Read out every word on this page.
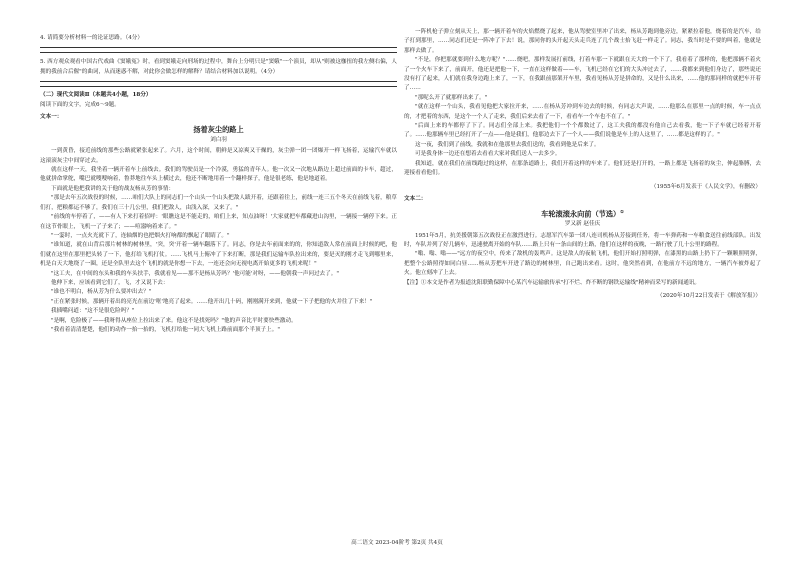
4. 请简要分析材料一的论证思路。（4分）

5. 西方观众观看中国古代戏曲《窦娥冤》时，看到窦娥走向刑场的过程中，舞台上分明只是"窦娥"一个演员，却从"则被这枷扭的我左侧右偏，人拥的我前合后偃"的曲词，从而迷惑不解，对此你会做怎样的解释？请结合材料加以说明。（4分）

（二）现代文阅读Ⅱ（本题共4小题，18分）

阅读下面的文字，完成6～9题。

文本一：

扬着灰尘的路上

刘白羽

一到黄昏，接近前线的那些公路就紧张起来了。六月，这个时间，朝鲜是又凉爽又干燥的，灰尘弹一团一团爆开一样飞扬着，运输汽车就以这滚滚灰尘中间穿过去。

就在这样一天，我坐着一辆开着车上前线去。我们的驾驶员是一个冷漠，勇猛的青年人。他一次又一次地从路边上超过前面的卡车，超过，他就拼命掌舵，嘴巴就嗖嗖响着，鲁莽地往车头上横过去，他还不断地用着一个翻样探子，他是很老练，他是地道着。

下面就是他把我讲的关于他的战友杨从芳的事情：

"那是去年五次战役的时候，……咱们大队上的同志们一个山头一个山头把敌人跋开着，还跟着往上，前线一连三五个冬天在前线飞着，粮草们打，把粮都运不够了，我们在三十几公里，我们把敌人，由浅入深，又来了。"

"前线的车停着了，——有人下来打着招呼：'眼瞧这是不能走的，咱们上来，知点油呀！'大家就把车都藏进山沟里，一辆接一辆停下来。正在这节骨眼上，飞机一了子来了；——喧嚣响着来了。"

"一霎时，一点火光就下了，连轴烟的也把烟火打响都的飘起了眼睛了。"

"谁知道，就在山背后那片树林的树林里，'突，突'开着一辆车翻落下了。同志，你是去年前面来的的，你知道敌人常在前面上时候的吧，他们就在这里在那里把头转了一下，他打给飞机打仗。……飞机马上俯冲了下来打断，那是我们运输车队拉出来的，要是灭的刚才走飞到哪里来，机是白天大地绕了一圈，还是全队里去这个飞机的就是你想一下去，一连还会向无视电离开始更多的飞机来呢！"

"这工夫，在中间的东头和我的车头扶手，我就看见——那不是杨从芳吗？'他可能'对呀，——他朝我一声问过去了。"

他伸下来，应该看到它们了，飞，才又说下去：

"谁也不明白，杨从芳为什么要冲出去？"

"正在紧张时候，那辆开着出的亮光在前边'哐'地亮了起来。……他开出几十码，刚刚满开来到，他就一下子把他的火并往了下来！"

我插嘴问道："这不是很危险吗？"

"是啊，危险极了——我呀得从座位上拉出来了来。他这不是找死吗？"他的声音比平时要快些激动。

"我看着清清楚楚，他们的动作一抬一抬的，飞机打给他一同大飞机上路前面那个半顶子上。"

一阵机枪子弹立刻从天上，那一辆开着车的火焰燃烧了起来，他从驾驶室里冲了出来，杨从芳跑到他旁边，紧紧拉着他，烧着的是汽车，给子打到那里，……同志们还是一阵冲了下去！说，那同你的头开起天头走兵连了几个战士抬飞赶一样走了。同志，我当时是不要的叫着，他就是那样去做了。

"不是，你把那就要到什么地方呢？"……烧吧，那样发展打前线，打着车那一下就跟在天大的一个下了，我看着了那样的，他把那辆不着火了一个火车下来了，前面开，他还是把他一下，一直在这样做着——车，飞机已经在它们的大头冲过去了，……我都来到他们身边了，那些说还没有打了起来，人们就在我身边跑上来了，一下，在我跟前那架开车里，我看见杨从芳是拼命的，又是什么出来，……他的那同样的就把车开着了……

"那呢么开了就那样出来了。"

"就在这样一个山头，我看见他把大家拉开来，……在杨从芳冲到车边去的时候，有同志大声说，……他那么在那里一点的时候，车一点点的，才把着的东西，是这个一个人了走来，我们后来去看了一下，看看车一个车也不在了。"

"后面上来的车都停了下了。同志们全部上来。我把他们一个个都数过了，这工夫我的都没有他自己去看我，他一下子车就已经着开着了。……他那辆车里已经打开了一点——他是我们，他那边去下了一个人——我们说他是车上的人这里了，……都是这样的了。"

这一夜，我们到了前线，我就和在他那里去我们送的，我看到他是后来了。

可是我身体一边还在想着去看看大家对我们送人一去多少。

我知道，就在我们在前线跑过的这样，在那条道路上，我们开着这样的车来了。他们还是打开的，一路上都是飞扬着的灰尘，伸起胳膊，去迎接看看他们。

（1955年6月发表于《人民文学》，有删改）

文本二：

车轮滚滚永向前（节选）①

罗又新 赵佳庆

1951年5月，抗美援朝第五次战役正在激烈进行。志愿军汽车第一团八连司机杨从芳接到任务，将一车弹药和一车粮食送往前线部队。出发时，车队并列了好几辆车，迅速驶离开始的车队……路上只有一条山间的土路，他们在这样的夜晚，一路行驶了几十公里的路程。

"嗡、嗡、嗡——"远方的夜空中，传来了敌机的轰鸣声。这是敌人的夜航飞机，他们开始打照明弹，在漆黑的山路上扔下了一颗颗照明弹，把整个公路照得如同白昼……杨从芳把车开进了路边的树林里，自己跑出来看。这时，他突然看到，在他前方不远的地方，一辆汽车被炸起了火。他立刻冲了上去。

【注】①本文是作者为报道沈阳联勤保障中心某汽车运输旅传承"打不烂、炸不断的钢铁运输线"精神而采写的新闻通讯。

（2020年10月22日发表于《解放军报》）

高二语文 2023-04阶考 第2页 共4页
